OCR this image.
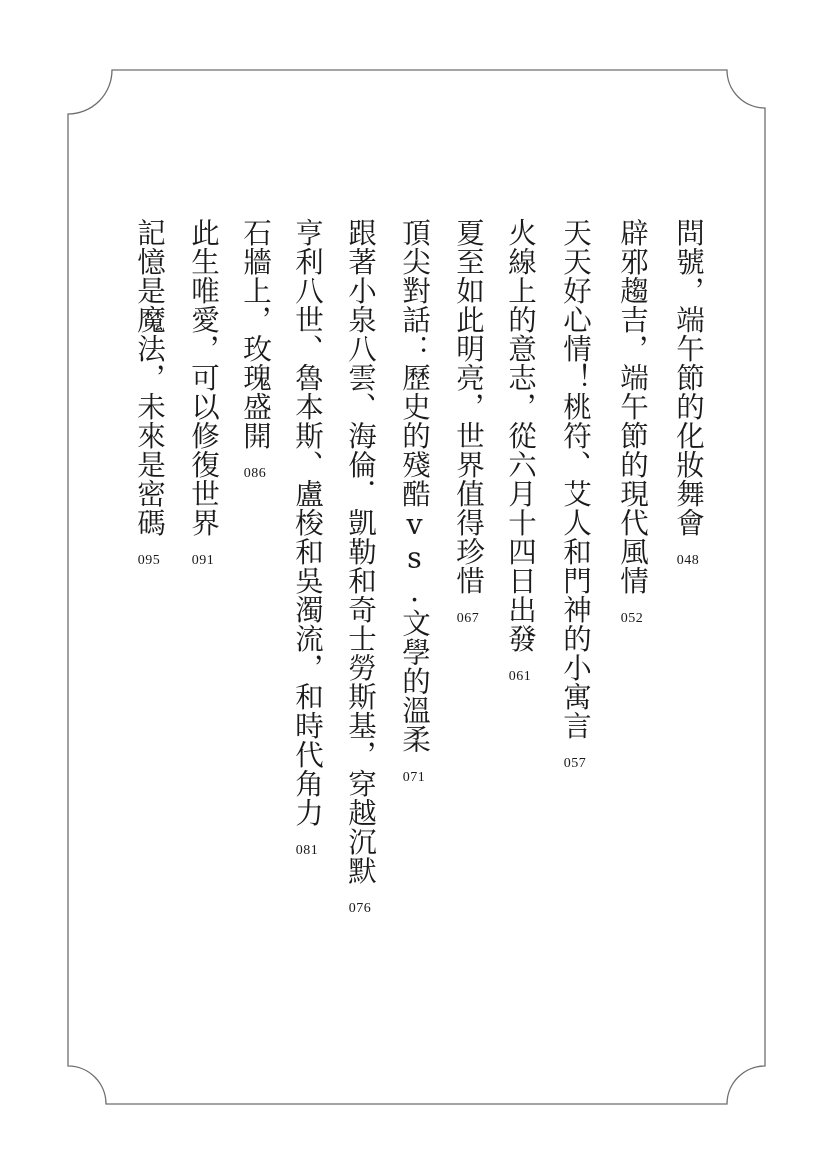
問號，端午節的化妝舞會
048
辟邪趨吉，端午節的現代風情
052
天天好心情！桃符、艾人和門神的小寓言
057
火線上的意志，從六月十四日出發
061
夏至如此明亮，世界值得珍惜
067
頂尖對話：歷史的殘酷vs.文學的溫柔
071
跟著小泉八雲、海倫．凱勒和奇士勞斯基，穿越沉默
076
亨利八世、魯本斯、盧梭和吳濁流，和時代角力
081
石牆上，玫瑰盛開
086
此生唯愛，可以修復世界
091
記憶是魔法，未來是密碼
095
